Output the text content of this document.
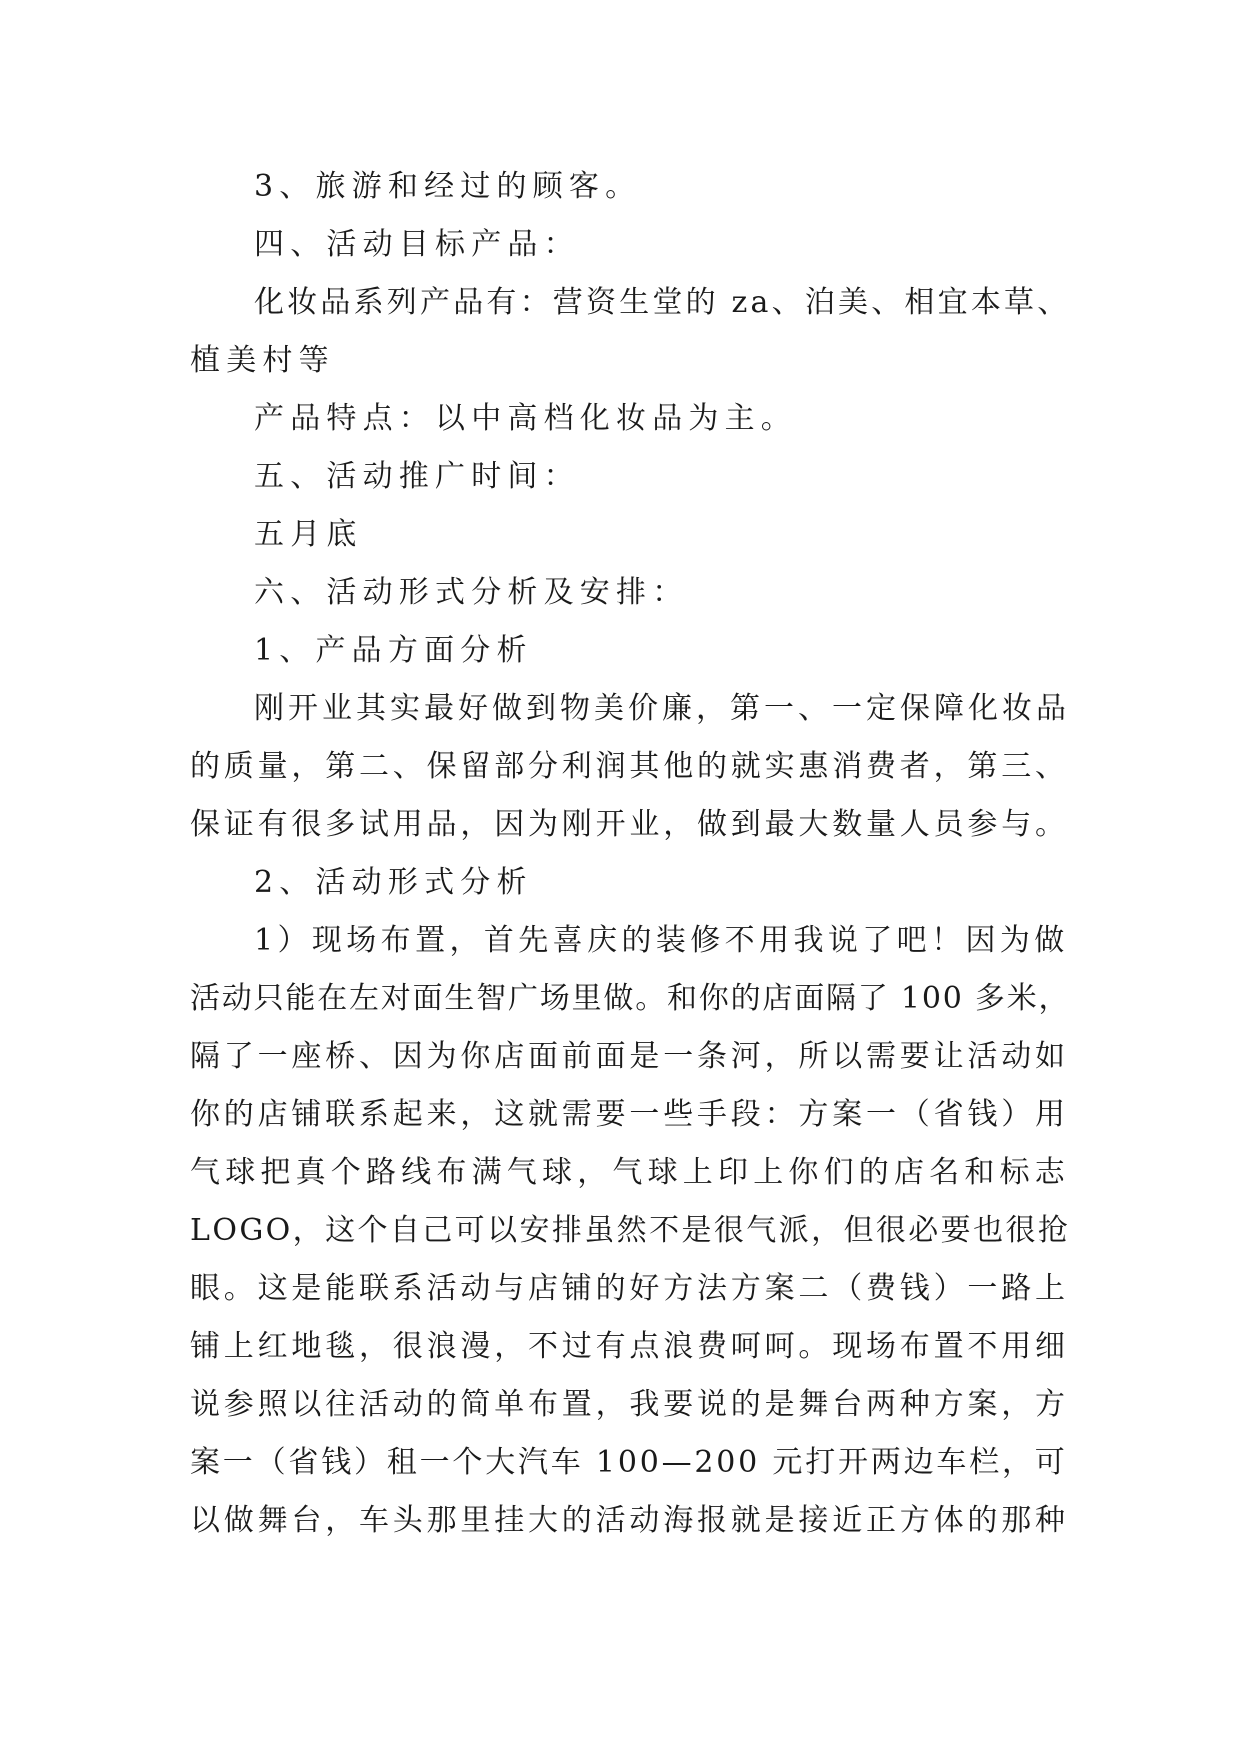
3、旅游和经过的顾客。
四、活动目标产品：
化妆品系列产品有：营资生堂的 za、泊美、相宜本草、
植美村等
产品特点：以中高档化妆品为主。
五、活动推广时间：
五月底
六、活动形式分析及安排：
1、产品方面分析
刚开业其实最好做到物美价廉，第一、一定保障化妆品
的质量，第二、保留部分利润其他的就实惠消费者，第三、
保证有很多试用品，因为刚开业，做到最大数量人员参与。
2、活动形式分析
1）现场布置，首先喜庆的装修不用我说了吧！因为做
活动只能在左对面生智广场里做。和你的店面隔了 100 多米，
隔了一座桥、因为你店面前面是一条河，所以需要让活动如
你的店铺联系起来，这就需要一些手段：方案一（省钱）用
气球把真个路线布满气球，气球上印上你们的店名和标志
LOGO，这个自己可以安排虽然不是很气派，但很必要也很抢
眼。这是能联系活动与店铺的好方法方案二（费钱）一路上
铺上红地毯，很浪漫，不过有点浪费呵呵。现场布置不用细
说参照以往活动的简单布置，我要说的是舞台两种方案，方
案一（省钱）租一个大汽车 100—200 元打开两边车栏，可
以做舞台，车头那里挂大的活动海报就是接近正方体的那种
